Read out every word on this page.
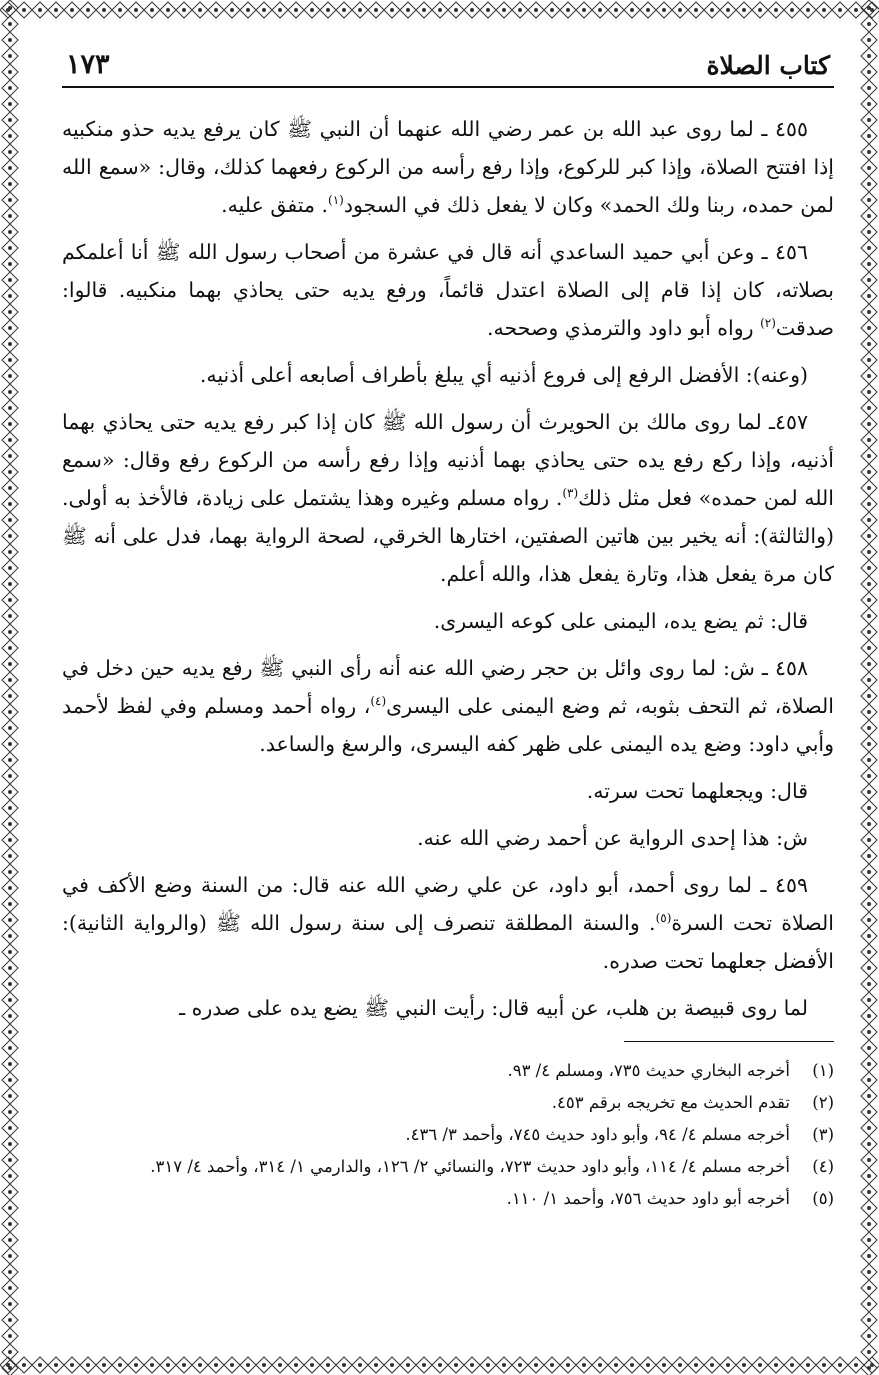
كتاب الصلاة
١٧٣

٤٥٥ ـ لما روى عبد الله بن عمر رضي الله عنهما أن النبي ﷺ كان يرفع يديه حذو منكبيه إذا افتتح الصلاة، وإذا كبر للركوع، وإذا رفع رأسه من الركوع رفعهما كذلك، وقال: «سمع الله لمن حمده، ربنا ولك الحمد» وكان لا يفعل ذلك في السجود$^{(١)}$. متفق عليه.

٤٥٦ ـ وعن أبي حميد الساعدي أنه قال في عشرة من أصحاب رسول الله ﷺ أنا أعلمكم بصلاته، كان إذا قام إلى الصلاة اعتدل قائماً، ورفع يديه حتى يحاذي بهما منكبيه. قالوا: صدقت$^{(٢)}$ رواه أبو داود والترمذي وصححه.

(وعنه): الأفضل الرفع إلى فروع أذنيه أي يبلغ بأطراف أصابعه أعلى أذنيه.

٤٥٧ـ لما روى مالك بن الحويرث أن رسول الله ﷺ كان إذا كبر رفع يديه حتى يحاذي بهما أذنيه، وإذا ركع رفع يده حتى يحاذي بهما أذنيه وإذا رفع رأسه من الركوع رفع وقال: «سمع الله لمن حمده» فعل مثل ذلك$^{(٣)}$. رواه مسلم وغيره وهذا يشتمل على زيادة، فالأخذ به أولى. (والثالثة): أنه يخير بين هاتين الصفتين، اختارها الخرقي، لصحة الرواية بهما، فدل على أنه ﷺ كان مرة يفعل هذا، وتارة يفعل هذا، والله أعلم.

قال: ثم يضع يده، اليمنى على كوعه اليسرى.

٤٥٨ ـ ش: لما روى وائل بن حجر رضي الله عنه أنه رأى النبي ﷺ رفع يديه حين دخل في الصلاة، ثم التحف بثوبه، ثم وضع اليمنى على اليسرى$^{(٤)}$، رواه أحمد ومسلم وفي لفظ لأحمد وأبي داود: وضع يده اليمنى على ظهر كفه اليسرى، والرسغ والساعد.

قال: ويجعلهما تحت سرته.

ش: هذا إحدى الرواية عن أحمد رضي الله عنه.

٤٥٩ ـ لما روى أحمد، أبو داود، عن علي رضي الله عنه قال: من السنة وضع الأكف في الصلاة تحت السرة$^{(٥)}$. والسنة المطلقة تنصرف إلى سنة رسول الله ﷺ (والرواية الثانية): الأفضل جعلهما تحت صدره.

لما روى قبيصة بن هلب، عن أبيه قال: رأيت النبي ﷺ يضع يده على صدره ـ

(١)
أخرجه البخاري حديث ٧٣٥، ومسلم ٤/ ٩٣.
(٢)
تقدم الحديث مع تخريجه برقم ٤٥٣.
(٣)
أخرجه مسلم ٤/ ٩٤، وأبو داود حديث ٧٤٥، وأحمد ٣/ ٤٣٦.
(٤)
أخرجه مسلم ٤/ ١١٤، وأبو داود حديث ٧٢٣، والنسائي ٢/ ١٢٦، والدارمي ١/ ٣١٤، وأحمد ٤/ ٣١٧.
(٥)
أخرجه أبو داود حديث ٧٥٦، وأحمد ١/ ١١٠.
